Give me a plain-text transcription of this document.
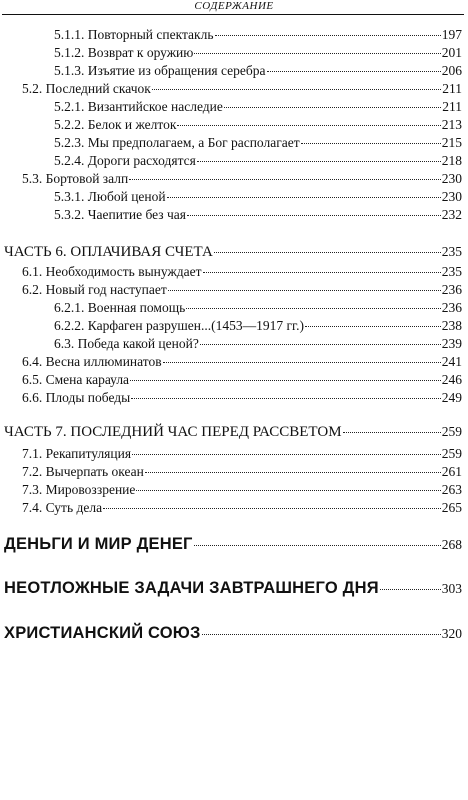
СОДЕРЖАНИЕ
5.1.1. Повторный спектакль	197
5.1.2. Возврат к оружию	201
5.1.3. Изъятие из обращения серебра	206
5.2. Последний скачок	211
5.2.1. Византийское наследие	211
5.2.2. Белок и желток	213
5.2.3. Мы предполагаем, а Бог располагает	215
5.2.4. Дороги расходятся	218
5.3. Бортовой залп	230
5.3.1. Любой ценой	230
5.3.2. Чаепитие без чая	232
ЧАСТЬ 6. ОПЛАЧИВАЯ СЧЕТА	235
6.1. Необходимость вынуждает	235
6.2. Новый год наступает	236
6.2.1. Военная помощь	236
6.2.2. Карфаген разрушен...(1453—1917 гг.)	238
6.3. Победа какой ценой?	239
6.4. Весна иллюминатов	241
6.5. Смена караула	246
6.6. Плоды победы	249
ЧАСТЬ 7. ПОСЛЕДНИЙ ЧАС ПЕРЕД РАССВЕТОМ	259
7.1. Рекапитуляция	259
7.2. Вычерпать океан	261
7.3. Мировоззрение	263
7.4. Суть дела	265
ДЕНЬГИ И МИР ДЕНЕГ	268
НЕОТЛОЖНЫЕ ЗАДАЧИ ЗАВТРАШНЕГО ДНЯ	303
ХРИСТИАНСКИЙ СОЮЗ	320
